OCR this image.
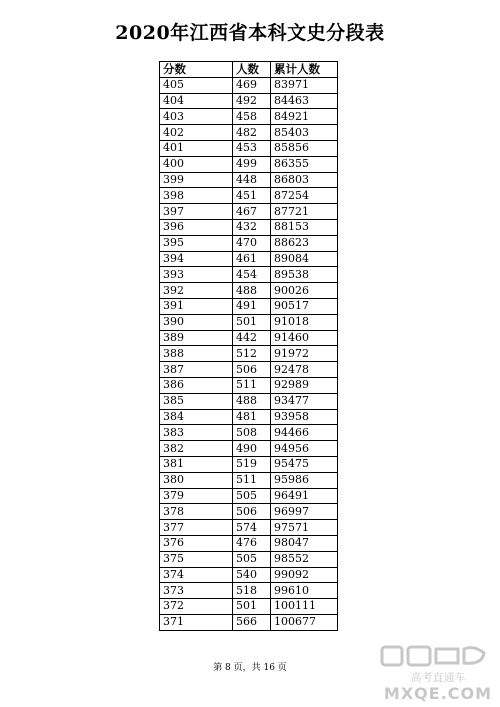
2020年江西省本科文史分段表
分数	人数	累计人数
405	469	83971
404	492	84463
403	458	84921
402	482	85403
401	453	85856
400	499	86355
399	448	86803
398	451	87254
397	467	87721
396	432	88153
395	470	88623
394	461	89084
393	454	89538
392	488	90026
391	491	90517
390	501	91018
389	442	91460
388	512	91972
387	506	92478
386	511	92989
385	488	93477
384	481	93958
383	508	94466
382	490	94956
381	519	95475
380	511	95986
379	505	96491
378	506	96997
377	574	97571
376	476	98047
375	505	98552
374	540	99092
373	518	99610
372	501	100111
371	566	100677
第 8 页，共 16 页
高考直通车
MXQE.COM
